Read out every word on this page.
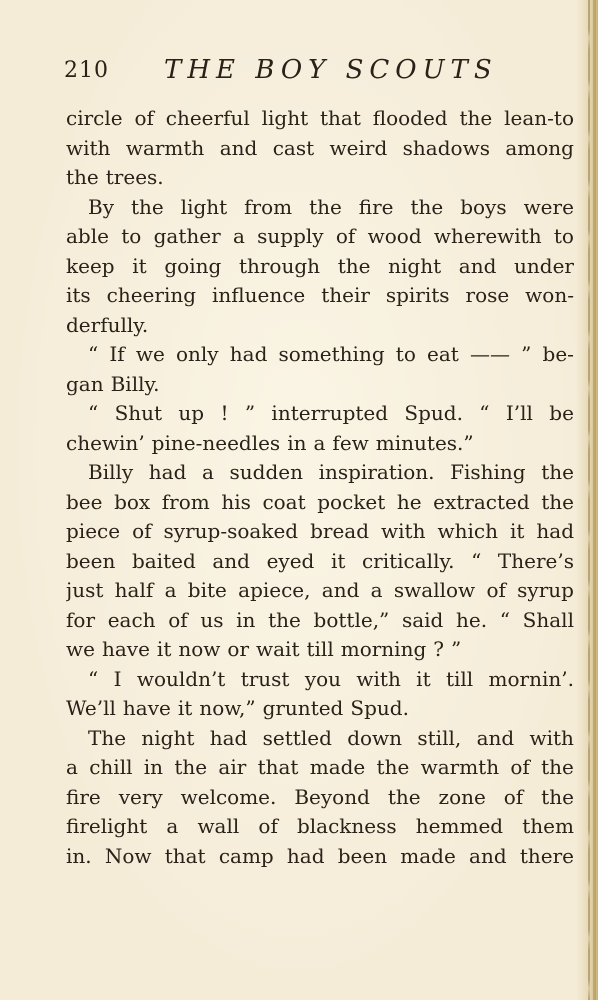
210 THE BOY SCOUTS
circle of cheerful light that flooded the lean-to
with warmth and cast weird shadows among
the trees.
By the light from the fire the boys were
able to gather a supply of wood wherewith to
keep it going through the night and under
its cheering influence their spirits rose won-
derfully.
“ If we only had something to eat —— ” be-
gan Billy.
“ Shut up ! ” interrupted Spud. “ I’ll be
chewin’ pine-needles in a few minutes.”
Billy had a sudden inspiration. Fishing the
bee box from his coat pocket he extracted the
piece of syrup-soaked bread with which it had
been baited and eyed it critically. “ There’s
just half a bite apiece, and a swallow of syrup
for each of us in the bottle,” said he. “ Shall
we have it now or wait till morning ? ”
“ I wouldn’t trust you with it till mornin’.
We’ll have it now,” grunted Spud.
The night had settled down still, and with
a chill in the air that made the warmth of the
fire very welcome. Beyond the zone of the
firelight a wall of blackness hemmed them
in. Now that camp had been made and there
